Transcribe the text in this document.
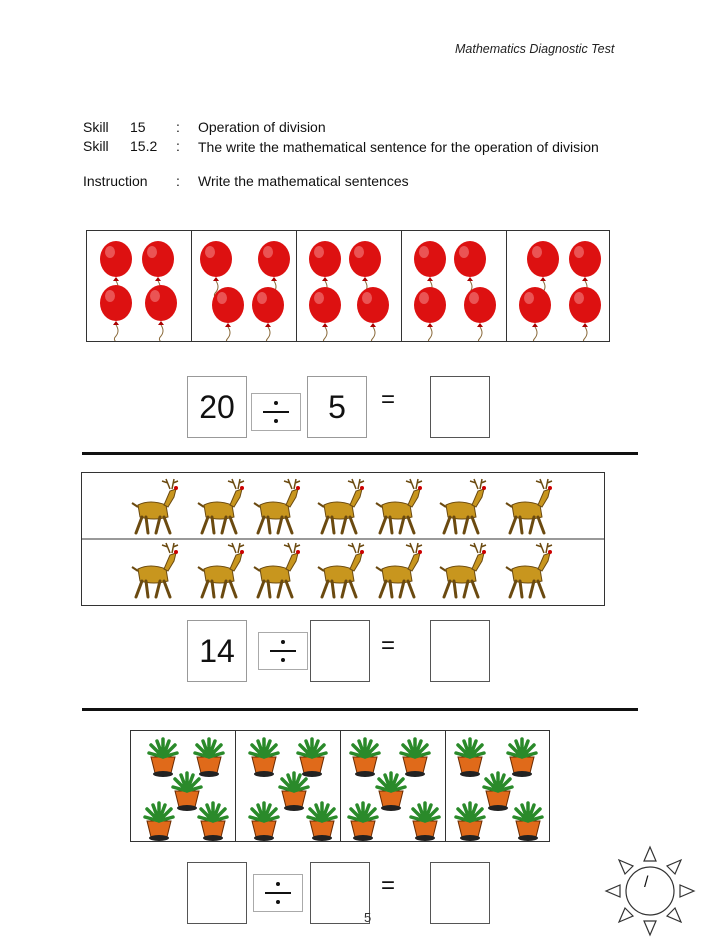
Mathematics Diagnostic Test
Skill 15 : Operation of division
Skill 15.2 : The write the mathematical sentence for the operation of division
Instruction : Write the mathematical sentences
20	5	=
14	=
=
5
/
